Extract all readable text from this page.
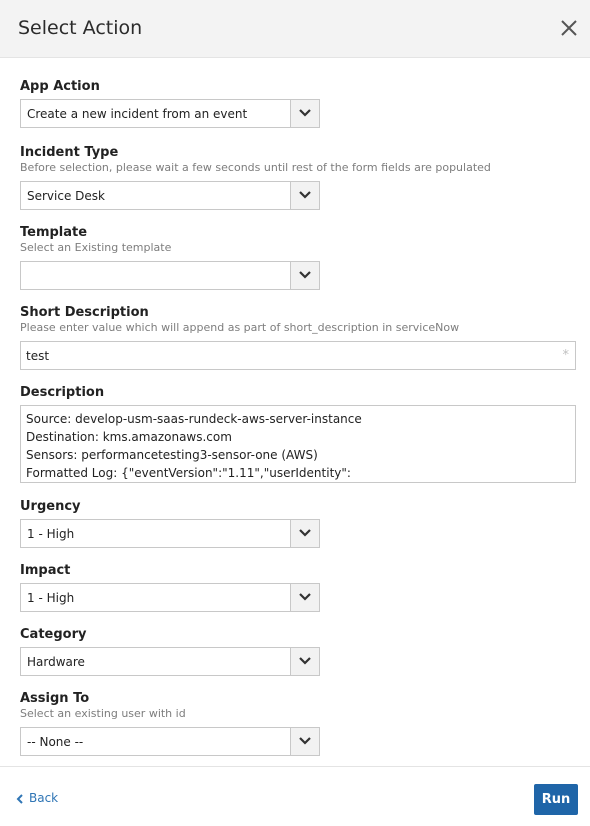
Select Action
App Action
Create a new incident from an event
Incident Type
Before selection, please wait a few seconds until rest of the form fields are populated
Service Desk
Template
Select an Existing template
Short Description
Please enter value which will append as part of short_description in serviceNow
test	*
Description
Source: develop-usm-saas-rundeck-aws-server-instance
Destination: kms.amazonaws.com
Sensors: performancetesting3-sensor-one (AWS)
Formatted Log: {"eventVersion":"1.11","userIdentity":
Urgency
1 - High
Impact
1 - High
Category
Hardware
Assign To
Select an existing user with id
-- None --
Back	Run
